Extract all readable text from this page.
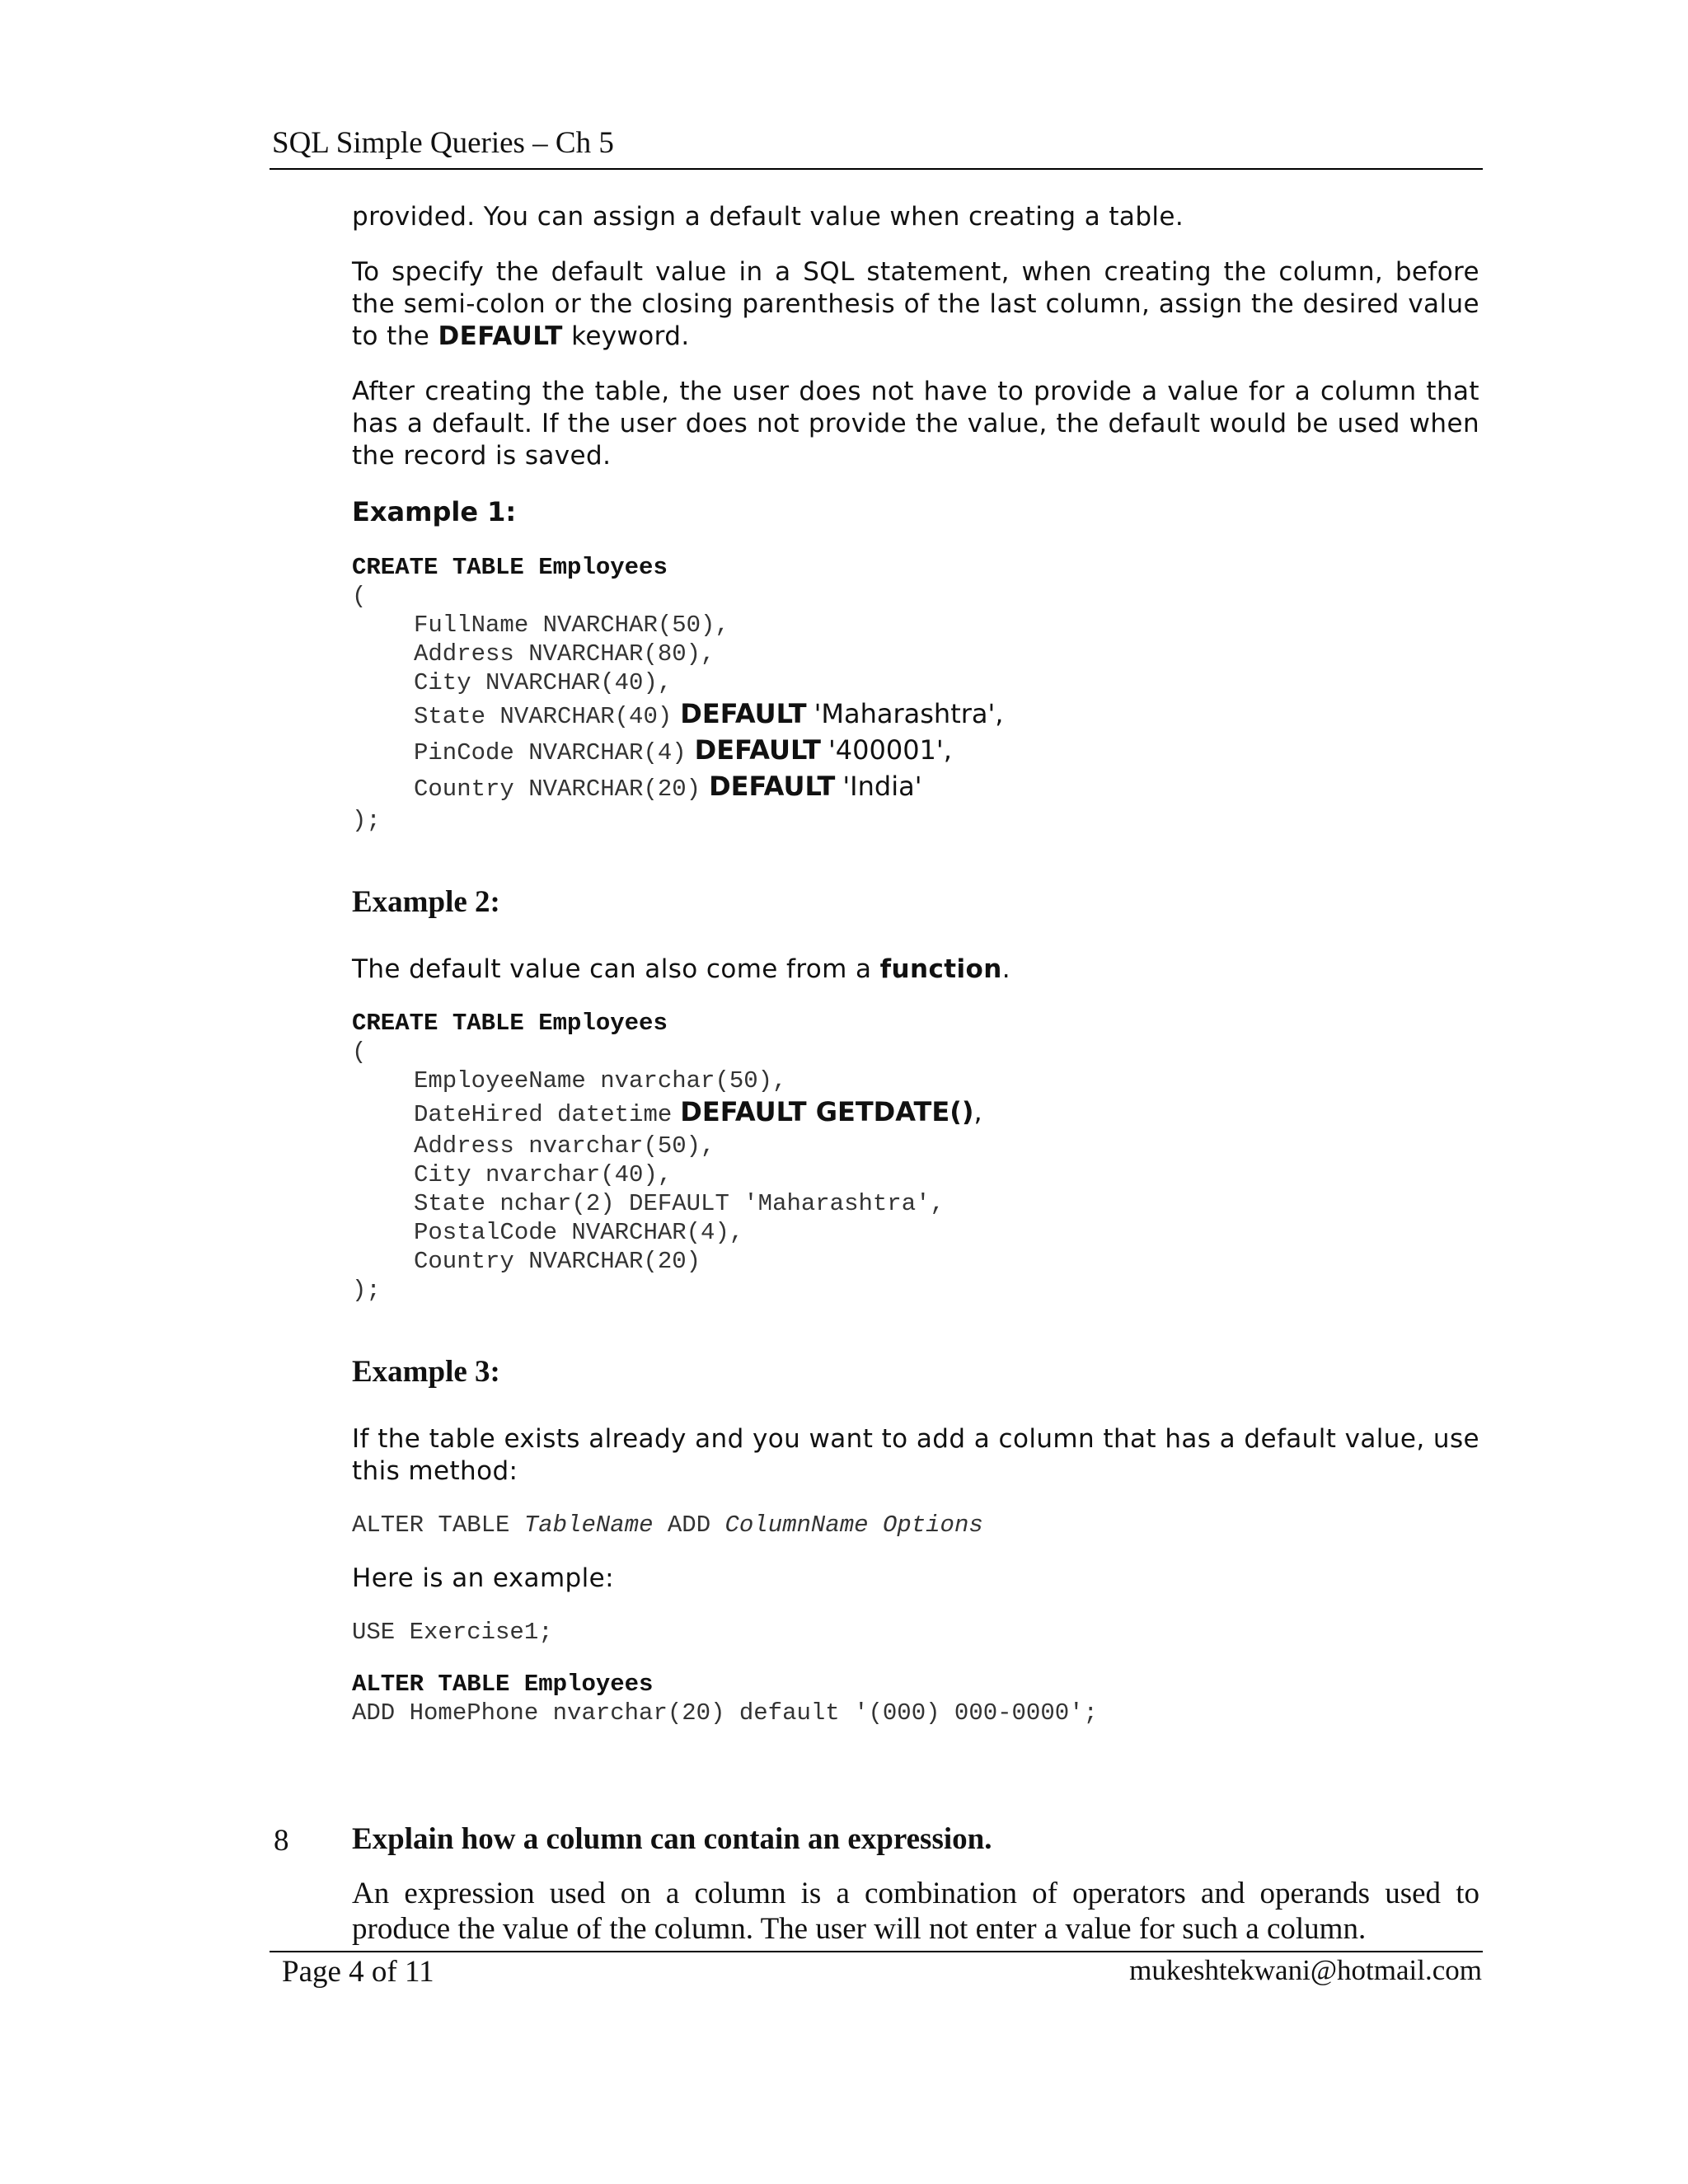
SQL Simple Queries – Ch 5

provided. You can assign a default value when creating a table.

To specify the default value in a SQL statement, when creating the column, before the semi-colon or the closing parenthesis of the last column, assign the desired value to the DEFAULT keyword.

After creating the table, the user does not have to provide a value for a column that has a default. If the user does not provide the value, the default would be used when the record is saved.

Example 1:
CREATE TABLE Employees
(
FullName NVARCHAR(50),
Address NVARCHAR(80),
City NVARCHAR(40),
State NVARCHAR(40) DEFAULT 'Maharashtra',
PinCode NVARCHAR(4) DEFAULT '400001',
Country NVARCHAR(20) DEFAULT 'India'
);
Example 2:

The default value can also come from a function.

CREATE TABLE Employees
(
EmployeeName nvarchar(50),
DateHired datetime DEFAULT GETDATE(),
Address nvarchar(50),
City nvarchar(40),
State nchar(2) DEFAULT 'Maharashtra',
PostalCode NVARCHAR(4),
Country NVARCHAR(20)
);
Example 3:

If the table exists already and you want to add a column that has a default value, use this method:

ALTER TABLE TableName ADD ColumnName Options

Here is an example:

USE Exercise1;
ALTER TABLE Employees
ADD HomePhone nvarchar(20) default '(000) 000-0000';
8 Explain how a column can contain an expression.

An expression used on a column is a combination of operators and operands used to produce the value of the column. The user will not enter a value for such a column.

Page 4 of 11	mukeshtekwani@hotmail.com
